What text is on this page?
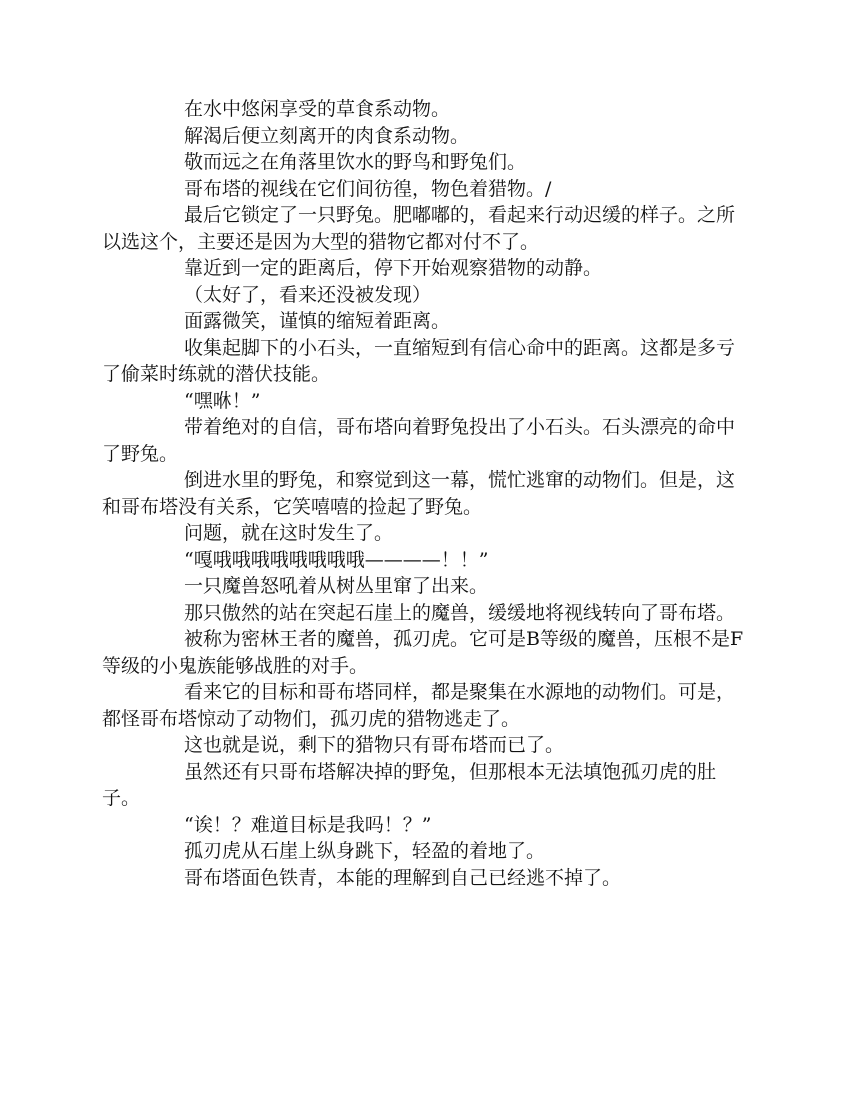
在水中悠闲享受的草食系动物。

解渴后便立刻离开的肉食系动物。

敬而远之在角落里饮水的野鸟和野兔们。

哥布塔的视线在它们间彷徨，物色着猎物。/

最后它锁定了一只野兔。肥嘟嘟的，看起来行动迟缓的样子。之所以选这个，主要还是因为大型的猎物它都对付不了。

靠近到一定的距离后，停下开始观察猎物的动静。

（太好了，看来还没被发现）

面露微笑，谨慎的缩短着距离。

收集起脚下的小石头，一直缩短到有信心命中的距离。这都是多亏了偷菜时练就的潜伏技能。

“嘿咻！”

带着绝对的自信，哥布塔向着野兔投出了小石头。石头漂亮的命中了野兔。

倒进水里的野兔，和察觉到这一幕，慌忙逃窜的动物们。但是，这和哥布塔没有关系，它笑嘻嘻的捡起了野兔。

问题，就在这时发生了。

“嘎哦哦哦哦哦哦哦哦————！！”

一只魔兽怒吼着从树丛里窜了出来。

那只傲然的站在突起石崖上的魔兽，缓缓地将视线转向了哥布塔。

被称为密林王者的魔兽，孤刃虎。它可是B等级的魔兽，压根不是F等级的小鬼族能够战胜的对手。

看来它的目标和哥布塔同样，都是聚集在水源地的动物们。可是，都怪哥布塔惊动了动物们，孤刃虎的猎物逃走了。

这也就是说，剩下的猎物只有哥布塔而已了。

虽然还有只哥布塔解决掉的野兔，但那根本无法填饱孤刃虎的肚子。

“诶！？难道目标是我吗！？”

孤刃虎从石崖上纵身跳下，轻盈的着地了。

哥布塔面色铁青，本能的理解到自己已经逃不掉了。
